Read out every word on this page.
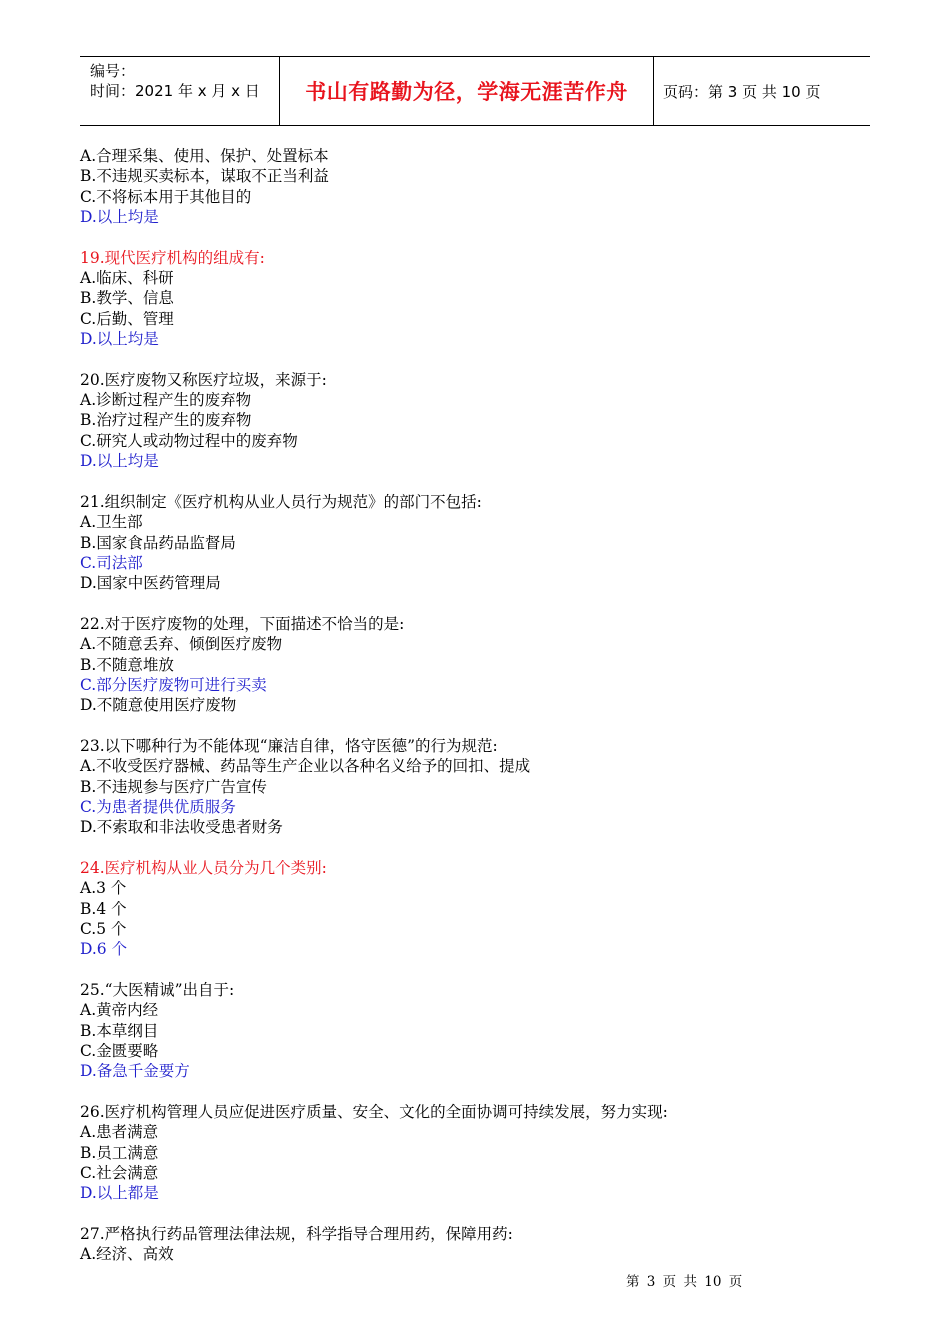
编号：
时间：2021 年 x 月 x 日	书山有路勤为径，学海无涯苦作舟	页码：第 3 页 共 10 页
A.合理采集、使用、保护、处置标本
B.不违规买卖标本，谋取不正当利益
C.不将标本用于其他目的
D.以上均是
19.现代医疗机构的组成有:
A.临床、科研
B.教学、信息
C.后勤、管理
D.以上均是
20.医疗废物又称医疗垃圾，来源于:
A.诊断过程产生的废弃物
B.治疗过程产生的废弃物
C.研究人或动物过程中的废弃物
D.以上均是
21.组织制定《医疗机构从业人员行为规范》的部门不包括:
A.卫生部
B.国家食品药品监督局
C.司法部
D.国家中医药管理局
22.对于医疗废物的处理，下面描述不恰当的是:
A.不随意丢弃、倾倒医疗废物
B.不随意堆放
C.部分医疗废物可进行买卖
D.不随意使用医疗废物
23.以下哪种行为不能体现“廉洁自律，恪守医德”的行为规范:
A.不收受医疗器械、药品等生产企业以各种名义给予的回扣、提成
B.不违规参与医疗广告宣传
C.为患者提供优质服务
D.不索取和非法收受患者财务
24.医疗机构从业人员分为几个类别:
A.3 个
B.4 个
C.5 个
D.6 个
25.“大医精诚”出自于:
A.黄帝内经
B.本草纲目
C.金匮要略
D.备急千金要方
26.医疗机构管理人员应促进医疗质量、安全、文化的全面协调可持续发展，努力实现:
A.患者满意
B.员工满意
C.社会满意
D.以上都是
27.严格执行药品管理法律法规，科学指导合理用药，保障用药:
A.经济、高效
第 3 页 共 10 页
